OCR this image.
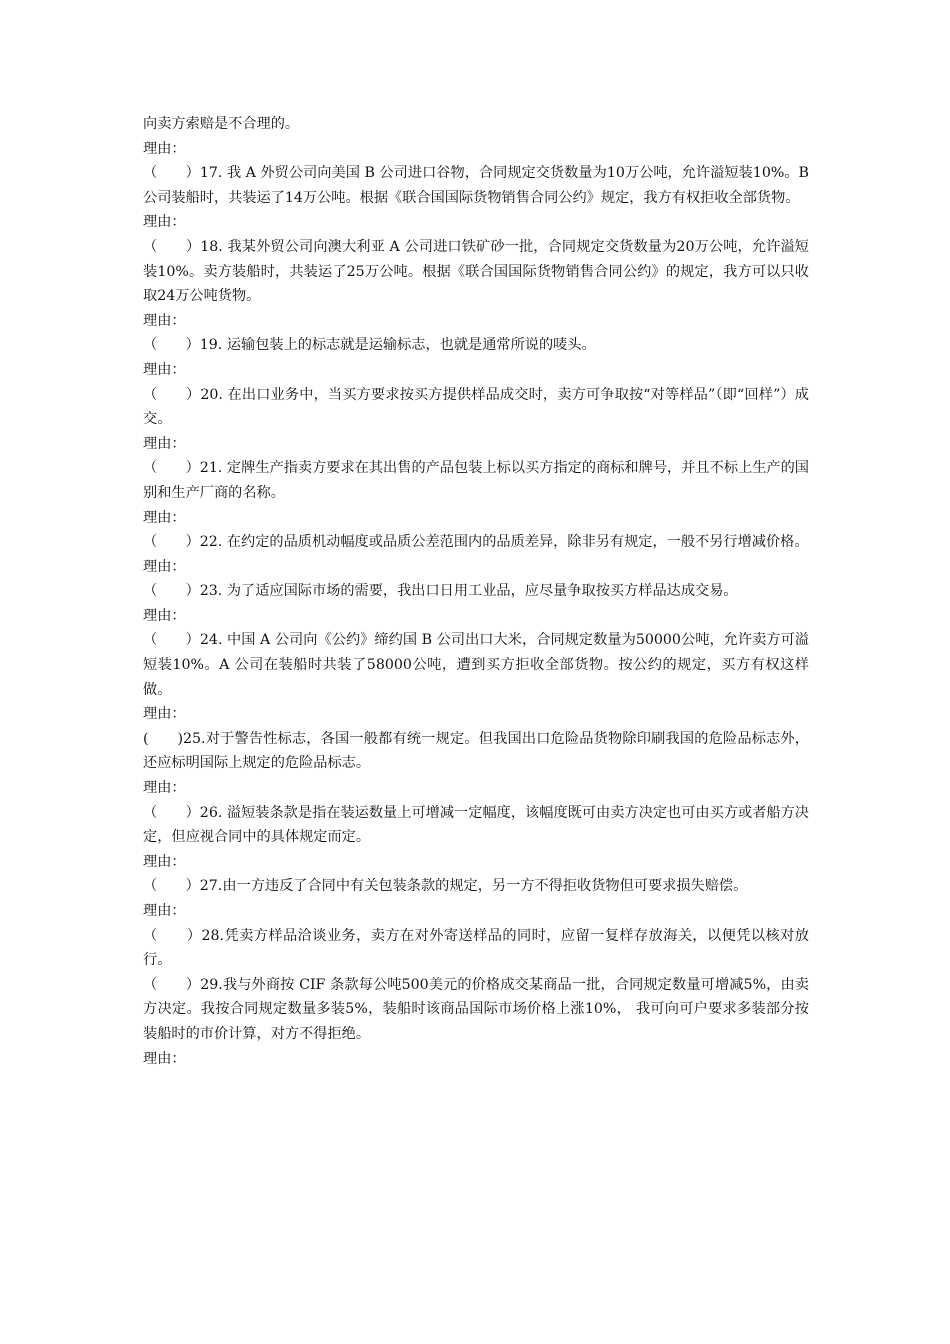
向卖方索赔是不合理的。
理由：
（　　）17. 我 A 外贸公司向美国 B 公司进口谷物，合同规定交货数量为10万公吨，允许溢短装10%。B 公司装船时，共装运了14万公吨。根据《联合国国际货物销售合同公约》规定，我方有权拒收全部货物。
理由：
（　　）18. 我某外贸公司向澳大利亚 A 公司进口铁矿砂一批，合同规定交货数量为20万公吨，允许溢短装10%。卖方装船时，共装运了25万公吨。根据《联合国国际货物销售合同公约》的规定，我方可以只收取24万公吨货物。
理由：
（　　）19. 运输包装上的标志就是运输标志，也就是通常所说的唛头。
理由：
（　　）20. 在出口业务中，当买方要求按买方提供样品成交时，卖方可争取按“对等样品”（即“回样”）成交。
理由：
（　　）21. 定牌生产指卖方要求在其出售的产品包装上标以买方指定的商标和牌号，并且不标上生产的国别和生产厂商的名称。
理由：
（　　）22. 在约定的品质机动幅度或品质公差范围内的品质差异，除非另有规定，一般不另行增减价格。
理由：
（　　）23. 为了适应国际市场的需要，我出口日用工业品，应尽量争取按买方样品达成交易。
理由：
（　　）24. 中国 A 公司向《公约》缔约国 B 公司出口大米，合同规定数量为50000公吨，允许卖方可溢短装10%。A 公司在装船时共装了58000公吨，遭到买方拒收全部货物。按公约的规定，买方有权这样做。
理由：
(　　)25.对于警告性标志，各国一般都有统一规定。但我国出口危险品货物除印刷我国的危险品标志外，还应标明国际上规定的危险品标志。
理由：
（　　）26. 溢短装条款是指在装运数量上可增减一定幅度，该幅度既可由卖方决定也可由买方或者船方决定，但应视合同中的具体规定而定。
理由：
（　　）27.由一方违反了合同中有关包装条款的规定，另一方不得拒收货物但可要求损失赔偿。
理由：
（　　）28.凭卖方样品洽谈业务，卖方在对外寄送样品的同时，应留一复样存放海关，以便凭以核对放行。
（　　）29.我与外商按 CIF 条款每公吨500美元的价格成交某商品一批，合同规定数量可增减5%，由卖方决定。我按合同规定数量多装5%，装船时该商品国际市场价格上涨10%， 我可向可户要求多装部分按装船时的市价计算，对方不得拒绝。
理由：
